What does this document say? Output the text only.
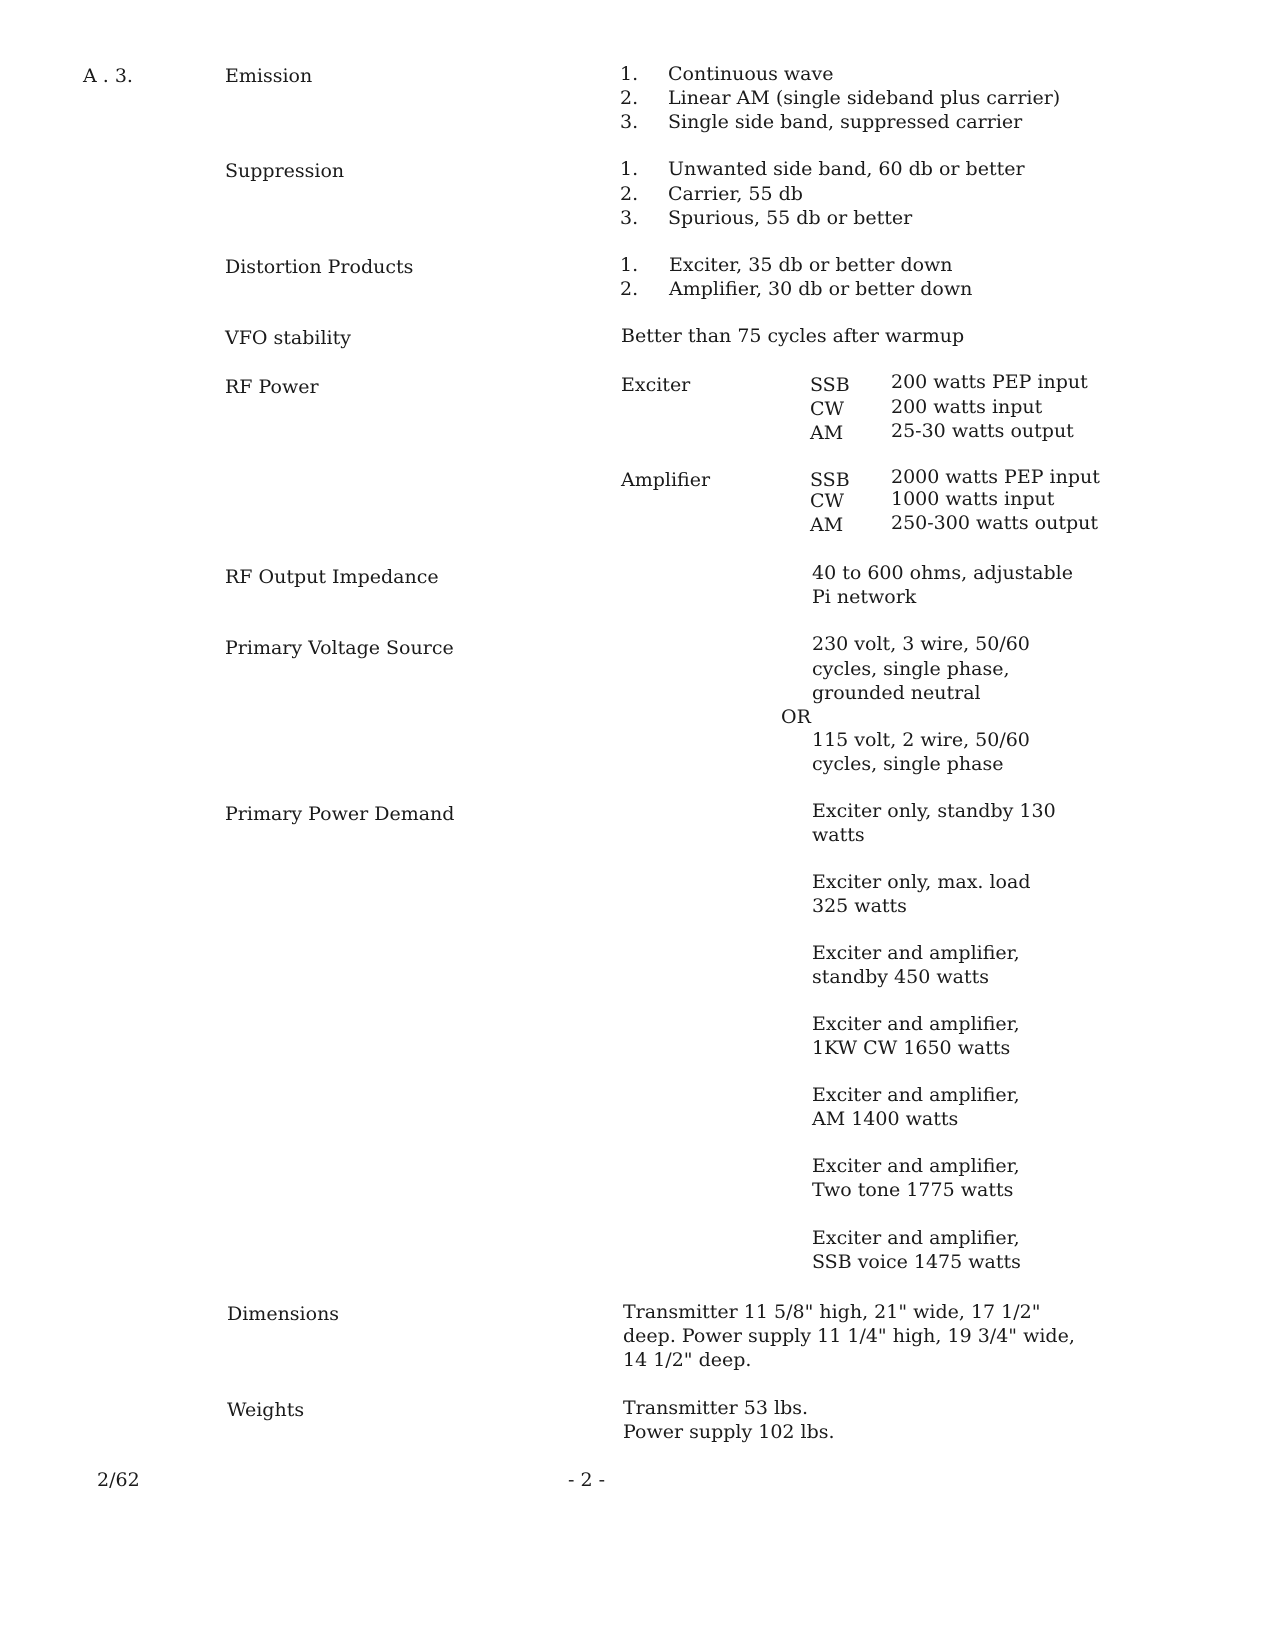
A . 3.	Emission	1. Continuous wave
2. Linear AM (single sideband plus carrier)
3. Single side band, suppressed carrier
Suppression	1. Unwanted side band, 60 db or better
2. Carrier, 55 db
3. Spurious, 55 db or better
Distortion Products	1. Exciter, 35 db or better down
2. Amplifier, 30 db or better down
VFO stability	Better than 75 cycles after warmup
RF Power	Exciter	SSB 200 watts PEP input
CW 200 watts input
AM	25-30 watts output
Amplifier	SSB 2000 watts PEP input
CW 1000 watts input
AM	250-300 watts output
RF Output Impedance	40 to 600 ohms, adjustable
Pi network
Primary Voltage Source	230 volt, 3 wire, 50/60
cycles, single phase,
grounded neutral
OR
115 volt, 2 wire, 50/60
cycles, single phase
Primary Power Demand	Exciter only, standby 130
watts
Exciter only, max. load
325 watts
Exciter and amplifier,
standby 450 watts
Exciter and amplifier,
1KW CW 1650 watts
Exciter and amplifier,
AM 1400 watts
Exciter and amplifier,
Two tone 1775 watts
Exciter and amplifier,
SSB voice 1475 watts
Dimensions	Transmitter 11 5/8" high, 21" wide, 17 1/2"
deep. Power supply 11 1/4" high, 19 3/4" wide,
14 1/2" deep.
Weights	Transmitter 53 lbs.
Power supply 102 lbs.
2/62	- 2 -
